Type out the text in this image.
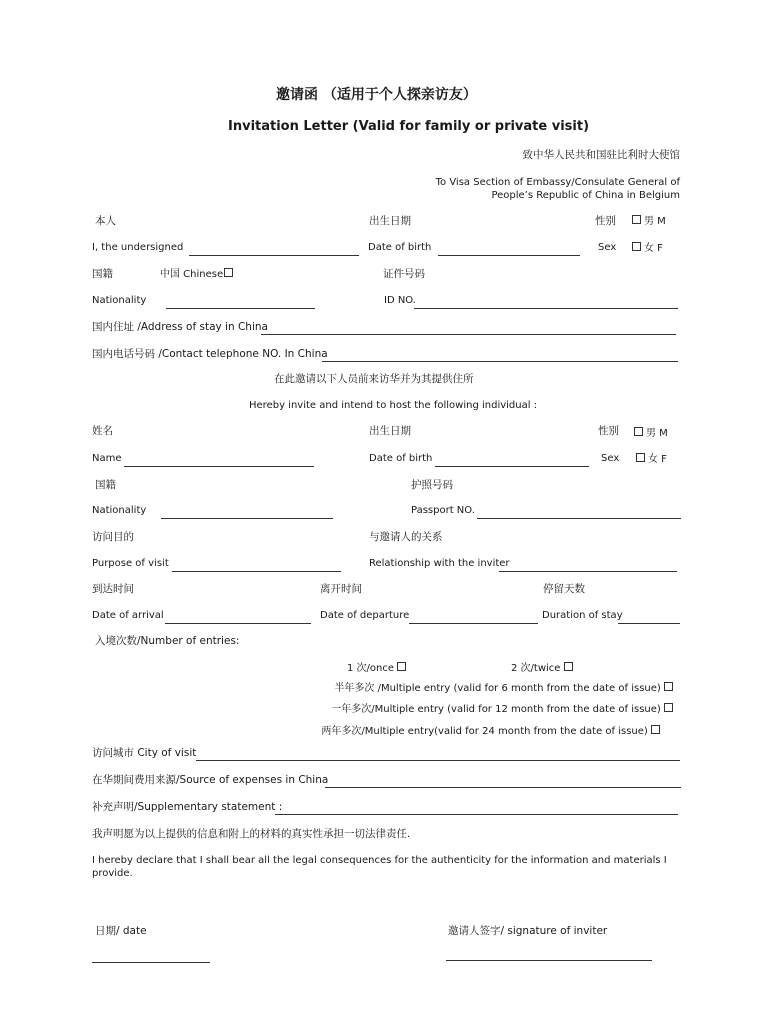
邀请函 （适用于个人探亲访友）
Invitation Letter (Valid for family or private visit)
致中华人民共和国驻比利时大使馆
To Visa Section of Embassy/Consulate General of
People’s Republic of China in Belgium
本人	出生日期	性别	男 M
I, the undersigned	Date of birth	Sex	女 F
国籍	中国 Chinese	证件号码
Nationality	ID NO.
国内住址 /Address of stay in China
国内电话号码 /Contact telephone NO. In China
在此邀请以下人员前来访华并为其提供住所
Hereby invite and intend to host the following individual :
姓名	出生日期	性别	男 M
Name	Date of birth	Sex	女 F
国籍	护照号码
Nationality	Passport NO.
访问目的	与邀请人的关系
Purpose of visit	Relationship with the inviter
到达时间	离开时间	停留天数
Date of arrival	Date of departure	Duration of stay
入境次数/Number of entries:
1 次/once	2 次/twice
半年多次 /Multiple entry (valid for 6 month from the date of issue)
一年多次/Multiple entry (valid for 12 month from the date of issue)
两年多次/Multiple entry(valid for 24 month from the date of issue)
访问城市 City of visit
在华期间费用来源/Source of expenses in China
补充声明/Supplementary statement :
我声明愿为以上提供的信息和附上的材料的真实性承担一切法律责任.
I hereby declare that I shall bear all the legal consequences for the authenticity for the information and materials I
provide.
日期/ date	邀请人签字/ signature of inviter
